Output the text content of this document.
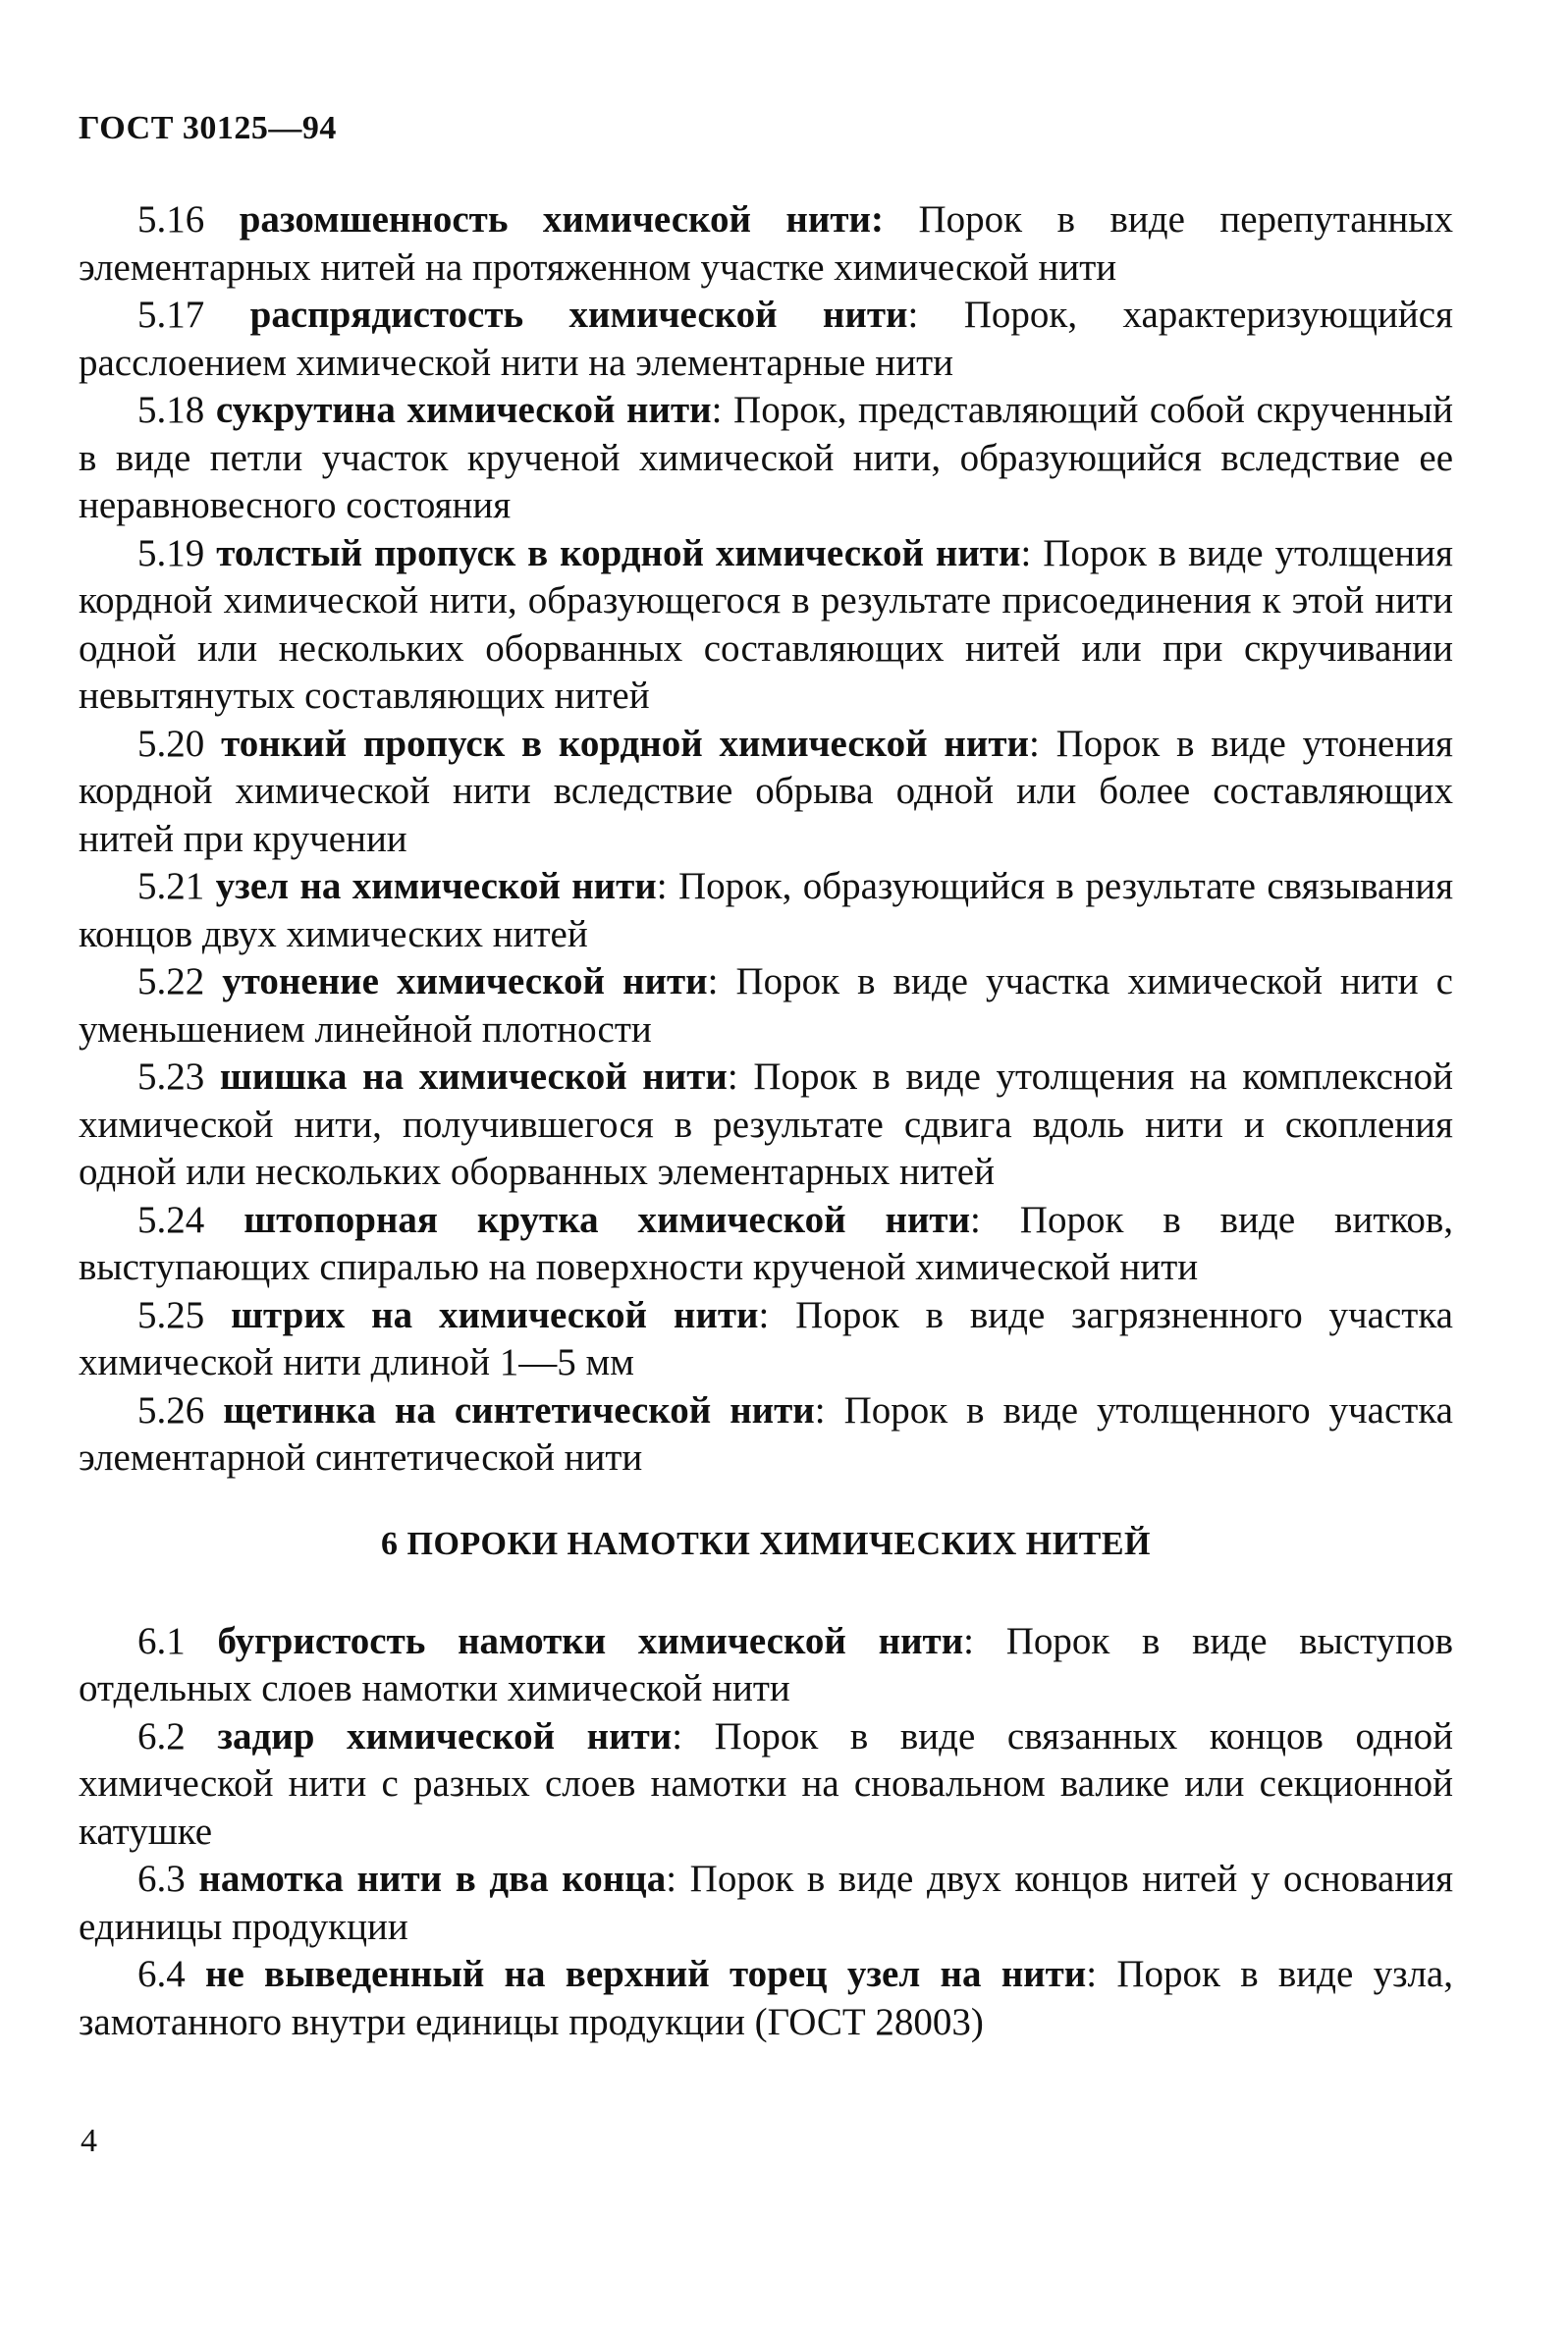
ГОСТ 30125—94

5.16 разомшенность химической нити: Порок в виде перепутанных элементарных нитей на протяженном участке химической нити

5.17 распрядистость химической нити: Порок, характеризующийся расслоением химической нити на элементарные нити

5.18 сукрутина химической нити: Порок, представляющий собой скрученный в виде петли участок крученой химической нити, образующийся вследствие ее неравновесного состояния

5.19 толстый пропуск в кордной химической нити: Порок в виде утолщения кордной химической нити, образующегося в результате присоединения к этой нити одной или нескольких оборванных составляющих нитей или при скручивании невытянутых составляющих нитей

5.20 тонкий пропуск в кордной химической нити: Порок в виде утонения кордной химической нити вследствие обрыва одной или более составляющих нитей при кручении

5.21 узел на химической нити: Порок, образующийся в результате связывания концов двух химических нитей

5.22 утонение химической нити: Порок в виде участка химической нити с уменьшением линейной плотности

5.23 шишка на химической нити: Порок в виде утолщения на комплексной химической нити, получившегося в результате сдвига вдоль нити и скопления одной или нескольких оборванных элементарных нитей

5.24 штопорная крутка химической нити: Порок в виде витков, выступающих спиралью на поверхности крученой химической нити

5.25 штрих на химической нити: Порок в виде загрязненного участка химической нити длиной 1—5 мм

5.26 щетинка на синтетической нити: Порок в виде утолщенного участка элементарной синтетической нити

6 ПОРОКИ НАМОТКИ ХИМИЧЕСКИХ НИТЕЙ

6.1 бугристость намотки химической нити: Порок в виде выступов отдельных слоев намотки химической нити

6.2 задир химической нити: Порок в виде связанных концов одной химической нити с разных слоев намотки на сновальном валике или секционной катушке

6.3 намотка нити в два конца: Порок в виде двух концов нитей у основания единицы продукции

6.4 не выведенный на верхний торец узел на нити: Порок в виде узла, замотанного внутри единицы продукции (ГОСТ 28003)

4
